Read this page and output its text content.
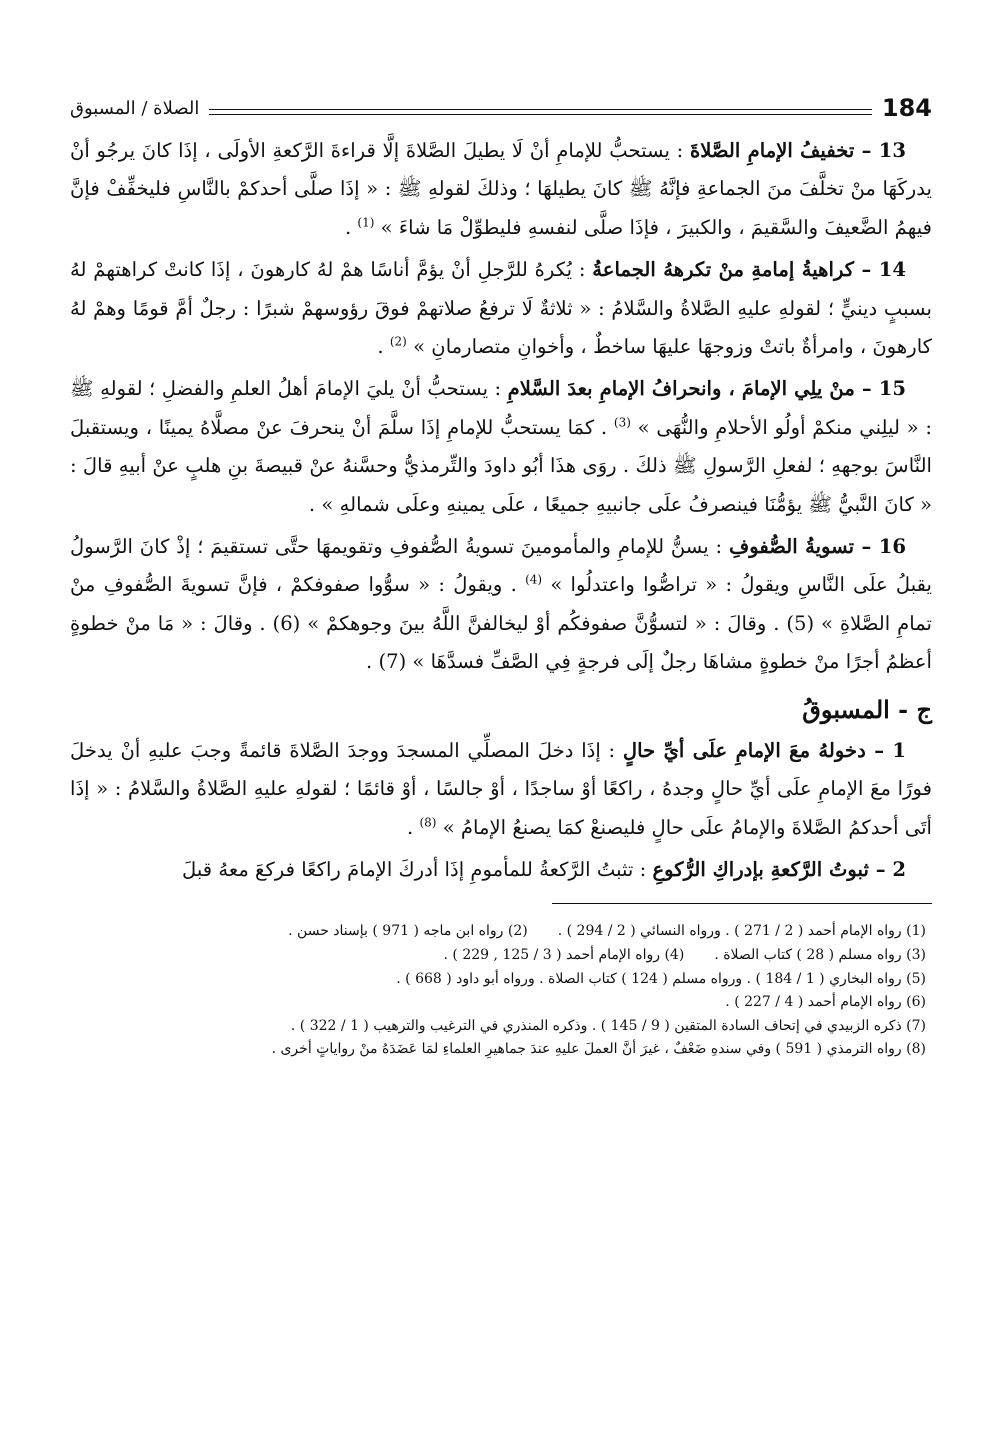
184
الصلاة / المسبوق

13 – تخفيفُ الإمامِ الصَّلاةَ : يستحبُّ للإمامِ أنْ لَا يطيلَ الصَّلاةَ إلَّا قراءةَ الرَّكعةِ الأولَى ، إذَا كانَ يرجُو أنْ يدركَهَا منْ تخلَّفَ منَ الجماعةِ فإنَّهُ ﷺ كانَ يطيلهَا ؛ وذلكَ لقولهِ ﷺ : « إذَا صلَّى أحدكمْ بالنَّاسِ فليخفِّفْ فإنَّ فيهمُ الضَّعيفَ والسَّقيمَ ، والكبيرَ ، فإذَا صلَّى لنفسهِ فليطوِّلْ مَا شاءَ » $^{(1)}$ .

14 – كراهيةُ إمامةِ منْ تكرههُ الجماعةُ : يُكرهُ للرَّجلِ أنْ يؤمَّ أناسًا همْ لهُ كارهونَ ، إذَا كانتْ كراهتهمْ لهُ بسببٍ دينيٍّ ؛ لقولهِ عليهِ الصَّلاةُ والسَّلامُ : « ثلاثةٌ لَا ترفعُ صلاتهمْ فوقَ رؤوسهمْ شبرًا : رجلٌ أمَّ قومًا وهمْ لهُ كارهونَ ، وامرأةٌ باتتْ وزوجهَا عليهَا ساخطٌ ، وأخوانِ متصارمانِ » $^{(2)}$ .

15 – منْ يلِي الإمامَ ، وانحرافُ الإمامِ بعدَ السَّلامِ : يستحبُّ أنْ يليَ الإمامَ أهلُ العلمِ والفضلِ ؛ لقولهِ ﷺ : « ليلِني منكمْ أولُو الأحلامِ والنُّهَى » $^{(3)}$ . كمَا يستحبُّ للإمامِ إذَا سلَّمَ أنْ ينحرفَ عنْ مصلَّاهُ يمينًا ، ويستقبلَ النَّاسَ بوجههِ ؛ لفعلِ الرَّسولِ ﷺ ذلكَ . روَى هذَا أبُو داودَ والتِّرمذيُّ وحسَّنهُ عنْ قبيصةَ بنِ هلبٍ عنْ أبيهِ قالَ : « كانَ النَّبيُّ ﷺ يؤمُّنَا فينصرفُ علَى جانبيهِ جميعًا ، علَى يمينهِ وعلَى شمالهِ » .

16 – تسويةُ الصُّفوفِ : يسنُّ للإمامِ والمأمومينَ تسويةُ الصُّفوفِ وتقويمهَا حتَّى تستقيمَ ؛ إذْ كانَ الرَّسولُ يقبلُ علَى النَّاسِ ويقولُ : « تراصُّوا واعتدلُوا » $^{(4)}$ . ويقولُ : « سوُّوا صفوفكمْ ، فإنَّ تسويةَ الصُّفوفِ منْ تمامِ الصَّلاةِ » (5) . وقالَ : « لتسوُّنَّ صفوفكُم أوْ ليخالفنَّ اللَّهُ بينَ وجوهكمْ » (6) . وقالَ : « مَا منْ خطوةٍ أعظمُ أجرًا منْ خطوةٍ مشاهَا رجلٌ إلَى فرجةٍ فِي الصَّفِّ فسدَّهَا » (7) .

ج - المسبوقُ

1 – دخولهُ معَ الإمامِ علَى أيِّ حالٍ : إذَا دخلَ المصلِّي المسجدَ ووجدَ الصَّلاةَ قائمةً وجبَ عليهِ أنْ يدخلَ فورًا معَ الإمامِ علَى أيِّ حالٍ وجدهُ ، راكعًا أوْ ساجدًا ، أوْ جالسًا ، أوْ قائمًا ؛ لقولهِ عليهِ الصَّلاةُ والسَّلامُ : « إذَا أتَى أحدكمُ الصَّلاةَ والإمامُ علَى حالٍ فليصنعْ كمَا يصنعُ الإمامُ » $^{(8)}$ .

2 – ثبوتُ الرَّكعةِ بإدراكِ الرُّكوعِ : تثبتُ الرَّكعةُ للمأمومِ إذَا أدركَ الإمامَ راكعًا فركعَ معهُ قبلَ

(1) رواه الإمام أحمد ( 2 / 271 ) . ورواه النسائي ( 2 / 294 ) .
(2) رواه ابن ماجه ( 971 ) بإسناد حسن .
(3) رواه مسلم ( 28 ) كتاب الصلاة .
(4) رواه الإمام أحمد ( 3 / 125 , 229 ) .
(5) رواه البخاري ( 1 / 184 ) . ورواه مسلم ( 124 ) كتاب الصلاة . ورواه أبو داود ( 668 ) .
(6) رواه الإمام أحمد ( 4 / 227 ) .
(7) ذكره الزبيدي في إتحاف السادة المتقين ( 9 / 145 ) . وذكره المنذري في الترغيب والترهيب ( 1 / 322 ) .
(8) رواه الترمذي ( 591 ) وفي سندهِ ضَعْفٌ ، غيرَ أنَّ العملَ عليهِ عندَ جماهيرِ العلماءِ لمَا عَضَدَهُ منْ رواياتٍ أخرى .
